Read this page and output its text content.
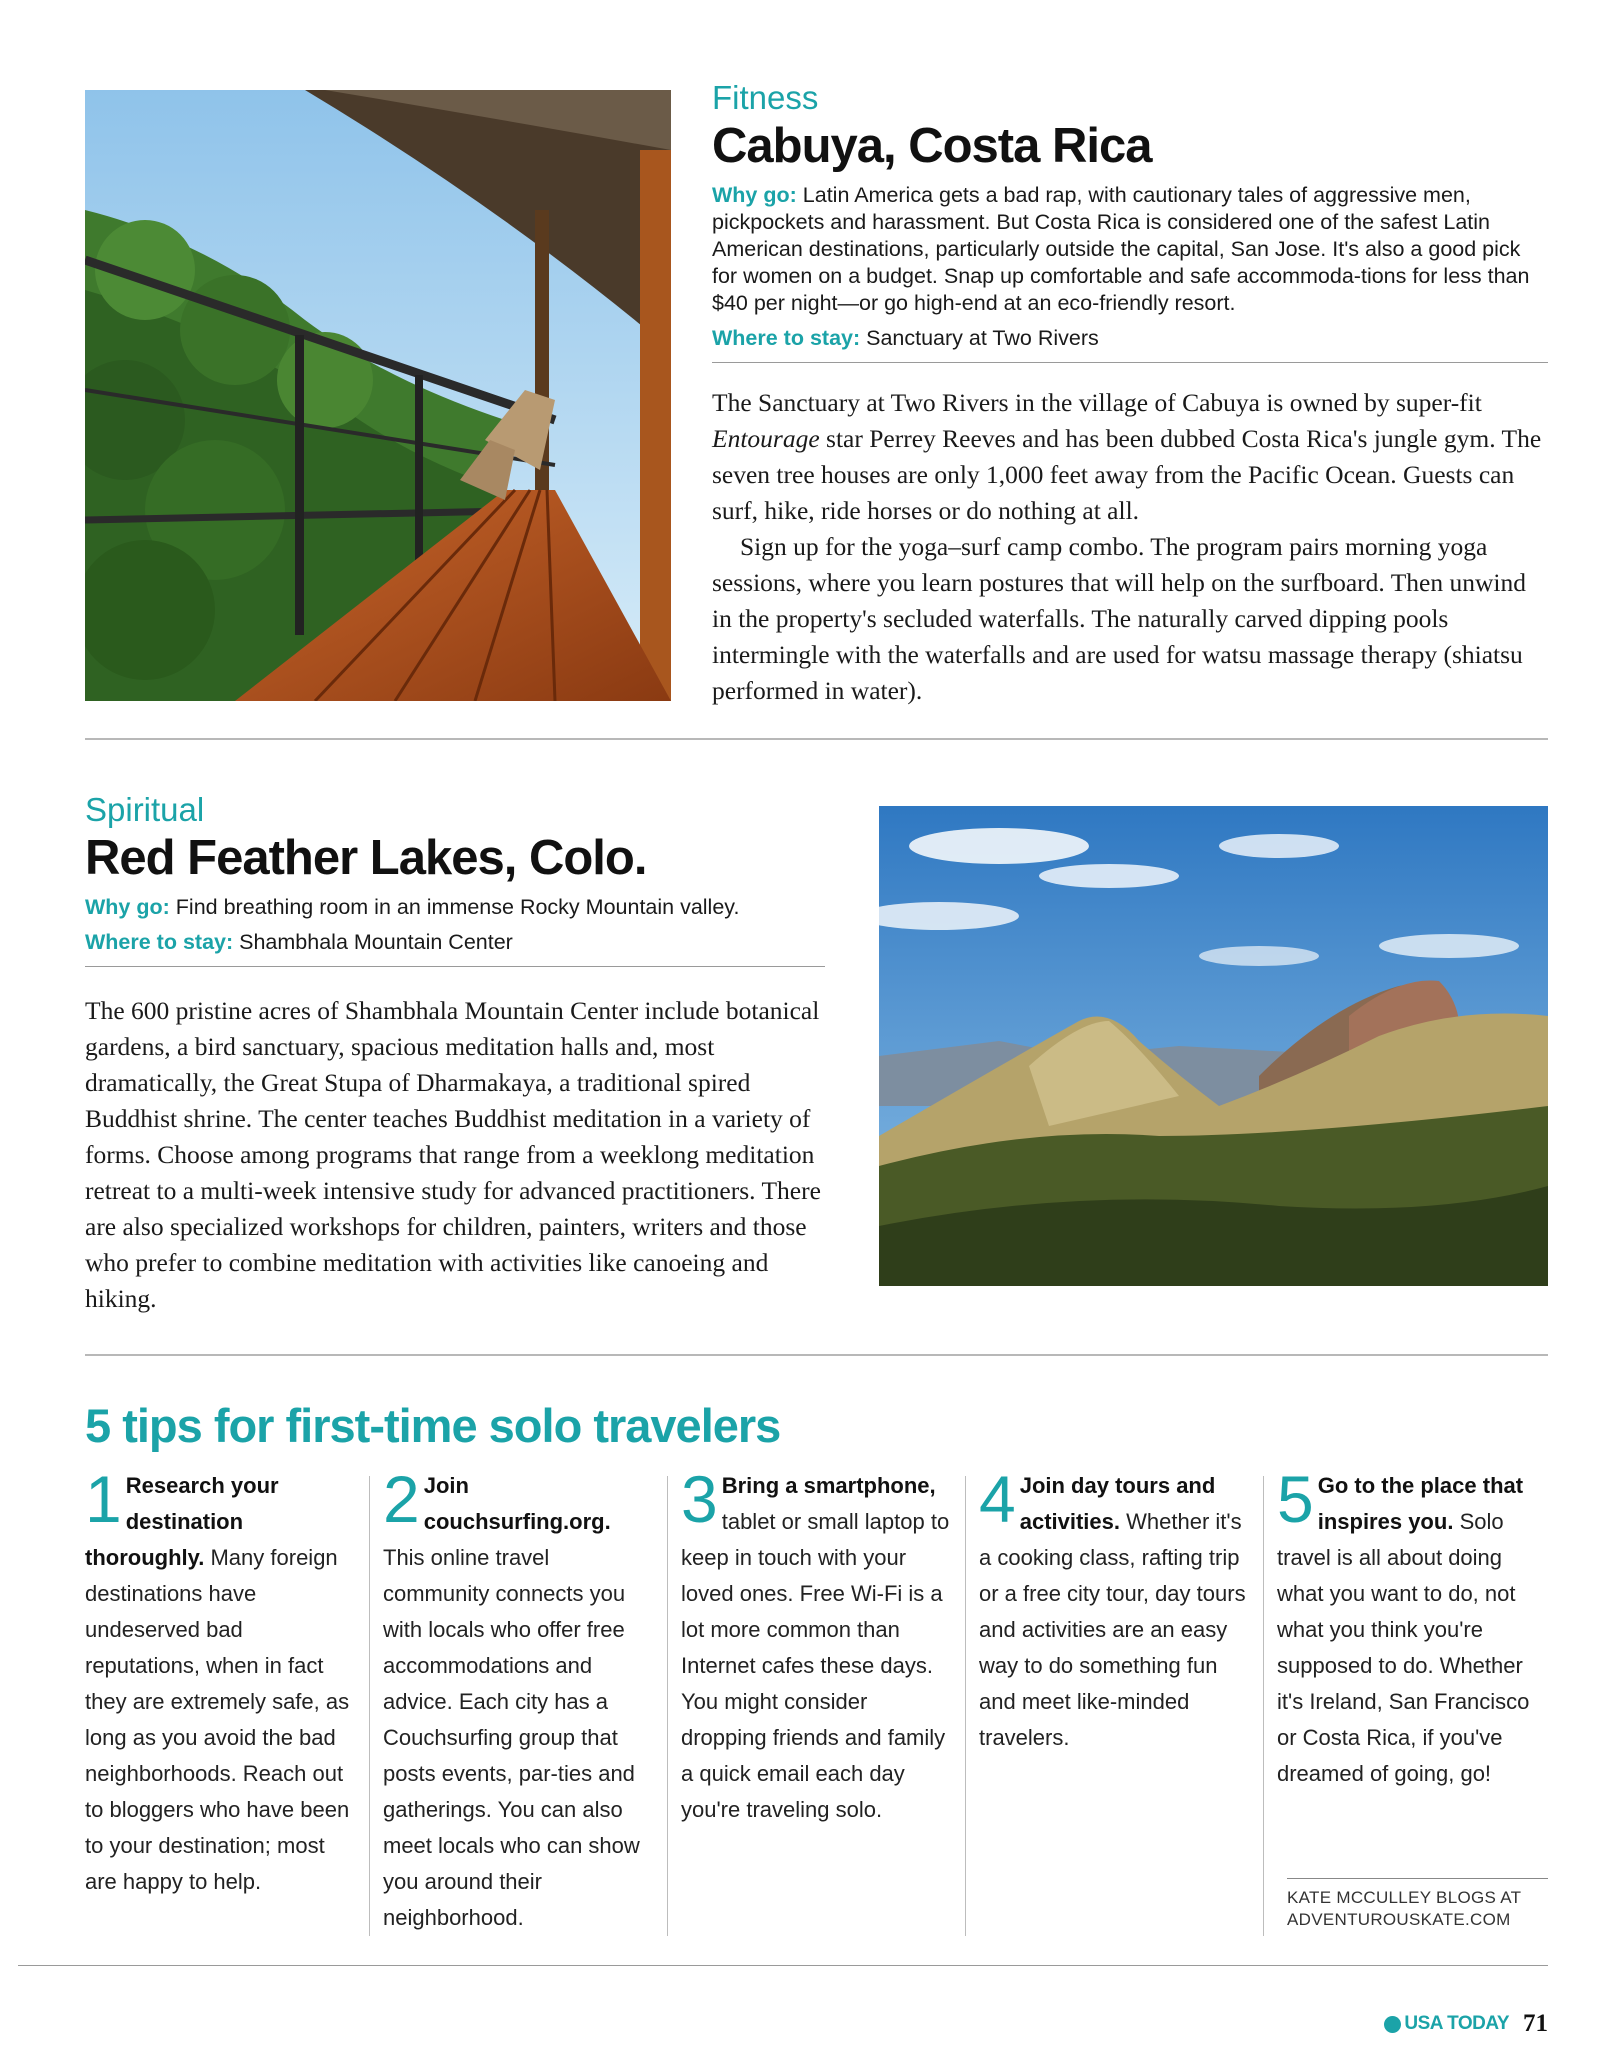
Fitness
Cabuya, Costa Rica
Why go: Latin America gets a bad rap, with cautionary tales of aggressive men, pickpockets and harassment. But Costa Rica is considered one of the safest Latin American destinations, particularly outside the capital, San Jose. It's also a good pick for women on a budget. Snap up comfortable and safe accommoda-tions for less than $40 per night—or go high-end at an eco-friendly resort.
Where to stay: Sanctuary at Two Rivers

The Sanctuary at Two Rivers in the village of Cabuya is owned by super-fit Entourage star Perrey Reeves and has been dubbed Costa Rica's jungle gym. The seven tree houses are only 1,000 feet away from the Pacific Ocean. Guests can surf, hike, ride horses or do nothing at all.

Sign up for the yoga–surf camp combo. The program pairs morning yoga sessions, where you learn postures that will help on the surfboard. Then unwind in the property's secluded waterfalls. The naturally carved dipping pools intermingle with the waterfalls and are used for watsu massage therapy (shiatsu performed in water).

Spiritual
Red Feather Lakes, Colo.
Why go: Find breathing room in an immense Rocky Mountain valley.
Where to stay: Shambhala Mountain Center
The 600 pristine acres of Shambhala Mountain Center include botanical gardens, a bird sanctuary, spacious meditation halls and, most dramatically, the Great Stupa of Dharmakaya, a traditional spired Buddhist shrine. The center teaches Buddhist meditation in a variety of forms. Choose among programs that range from a weeklong meditation retreat to a multi-week intensive study for advanced practitioners. There are also specialized workshops for children, painters, writers and those who prefer to combine meditation with activities like canoeing and hiking.
5 tips for first-time solo travelers
1 Research your destination thoroughly. Many foreign destinations have undeserved bad reputations, when in fact they are extremely safe, as long as you avoid the bad neighborhoods. Reach out to bloggers who have been to your destination; most are happy to help.
2 Join couchsurfing.org. This online travel community connects you with locals who offer free accommodations and advice. Each city has a Couchsurfing group that posts events, par-ties and gatherings. You can also meet locals who can show you around their neighborhood.
3 Bring a smartphone, tablet or small laptop to keep in touch with your loved ones. Free Wi-Fi is a lot more common than Internet cafes these days. You might consider dropping friends and family a quick email each day you're traveling solo.
4 Join day tours and activities. Whether it's a cooking class, rafting trip or a free city tour, day tours and activities are an easy way to do something fun and meet like-minded travelers.
5 Go to the place that inspires you. Solo travel is all about doing what you want to do, not what you think you're supposed to do. Whether it's Ireland, San Francisco or Costa Rica, if you've dreamed of going, go!
KATE MCCULLEY BLOGS AT ADVENTUROUSKATE.COM
USA TODAY 71
